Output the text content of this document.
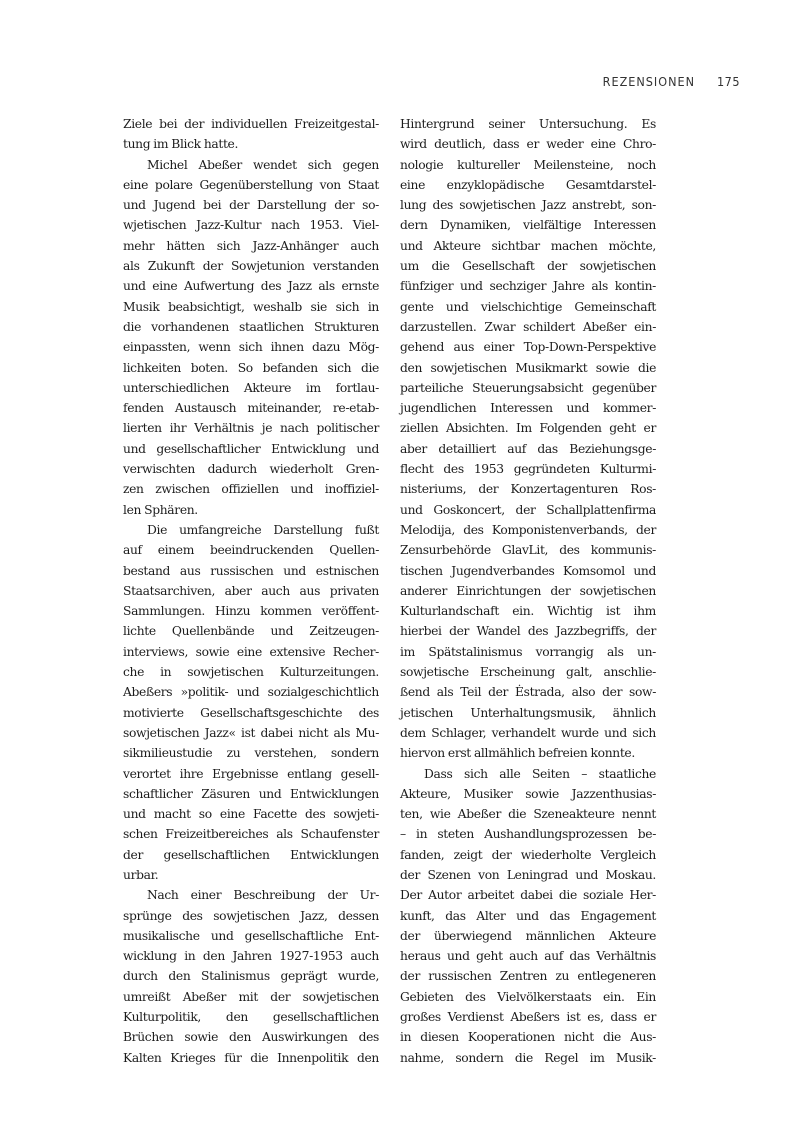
REZENSIONEN 175
Ziele bei der individuellen Freizeitgestal-
tung im Blick hatte.
Michel Abeßer wendet sich gegen
eine polare Gegenüberstellung von Staat
und Jugend bei der Darstellung der so-
wjetischen Jazz-Kultur nach 1953. Viel-
mehr hätten sich Jazz-Anhänger auch
als Zukunft der Sowjetunion verstanden
und eine Aufwertung des Jazz als ernste
Musik beabsichtigt, weshalb sie sich in
die vorhandenen staatlichen Strukturen
einpassten, wenn sich ihnen dazu Mög-
lichkeiten boten. So befanden sich die
unterschiedlichen Akteure im fortlau-
fenden Austausch miteinander, re-etab-
lierten ihr Verhältnis je nach politischer
und gesellschaftlicher Entwicklung und
verwischten dadurch wiederholt Gren-
zen zwischen offiziellen und inoffiziel-
len Sphären.
Die umfangreiche Darstellung fußt
auf einem beeindruckenden Quellen-
bestand aus russischen und estnischen
Staatsarchiven, aber auch aus privaten
Sammlungen. Hinzu kommen veröffent-
lichte Quellenbände und Zeitzeugen-
interviews, sowie eine extensive Recher-
che in sowjetischen Kulturzeitungen.
Abeßers »politik- und sozialgeschichtlich
motivierte Gesellschaftsgeschichte des
sowjetischen Jazz« ist dabei nicht als Mu-
sikmilieustudie zu verstehen, sondern
verortet ihre Ergebnisse entlang gesell-
schaftlicher Zäsuren und Entwicklungen
und macht so eine Facette des sowjeti-
schen Freizeitbereiches als Schaufenster
der gesellschaftlichen Entwicklungen
urbar.
Nach einer Beschreibung der Ur-
sprünge des sowjetischen Jazz, dessen
musikalische und gesellschaftliche Ent-
wicklung in den Jahren 1927-1953 auch
durch den Stalinismus geprägt wurde,
umreißt Abeßer mit der sowjetischen
Kulturpolitik, den gesellschaftlichen
Brüchen sowie den Auswirkungen des
Kalten Krieges für die Innenpolitik den
Hintergrund seiner Untersuchung. Es
wird deutlich, dass er weder eine Chro-
nologie kultureller Meilensteine, noch
eine enzyklopädische Gesamtdarstel-
lung des sowjetischen Jazz anstrebt, son-
dern Dynamiken, vielfältige Interessen
und Akteure sichtbar machen möchte,
um die Gesellschaft der sowjetischen
fünfziger und sechziger Jahre als kontin-
gente und vielschichtige Gemeinschaft
darzustellen. Zwar schildert Abeßer ein-
gehend aus einer Top-Down-Perspektive
den sowjetischen Musikmarkt sowie die
parteiliche Steuerungsabsicht gegenüber
jugendlichen Interessen und kommer-
ziellen Absichten. Im Folgenden geht er
aber detailliert auf das Beziehungsge-
flecht des 1953 gegründeten Kulturmi-
nisteriums, der Konzertagenturen Ros-
und Goskoncert, der Schallplattenfirma
Melodija, des Komponistenverbands, der
Zensurbehörde GlavLit, des kommunis-
tischen Jugendverbandes Komsomol und
anderer Einrichtungen der sowjetischen
Kulturlandschaft ein. Wichtig ist ihm
hierbei der Wandel des Jazzbegriffs, der
im Spätstalinismus vorrangig als un-
sowjetische Erscheinung galt, anschlie-
ßend als Teil der Ėstrada, also der sow-
jetischen Unterhaltungsmusik, ähnlich
dem Schlager, verhandelt wurde und sich
hiervon erst allmählich befreien konnte.
Dass sich alle Seiten – staatliche
Akteure, Musiker sowie Jazzenthusias-
ten, wie Abeßer die Szeneakteure nennt
– in steten Aushandlungsprozessen be-
fanden, zeigt der wiederholte Vergleich
der Szenen von Leningrad und Moskau.
Der Autor arbeitet dabei die soziale Her-
kunft, das Alter und das Engagement
der überwiegend männlichen Akteure
heraus und geht auch auf das Verhältnis
der russischen Zentren zu entlegeneren
Gebieten des Vielvölkerstaats ein. Ein
großes Verdienst Abeßers ist es, dass er
in diesen Kooperationen nicht die Aus-
nahme, sondern die Regel im Musik-
